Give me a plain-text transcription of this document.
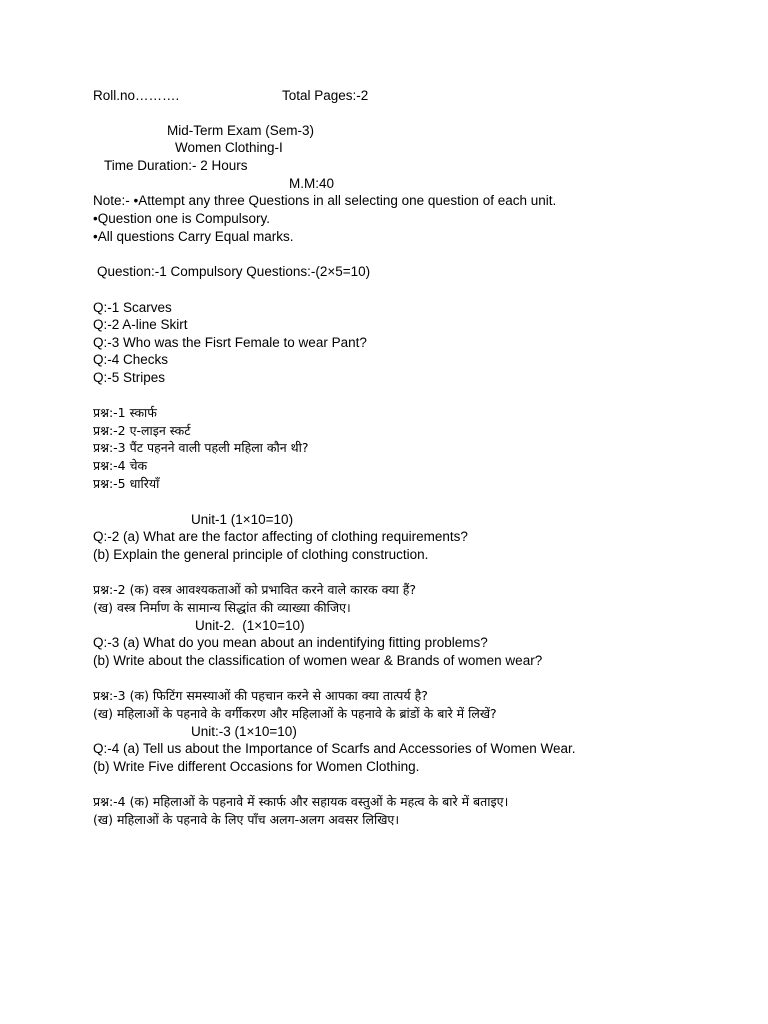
Roll.no……….	Total Pages:-2
Mid-Term Exam (Sem-3)
Women Clothing-I
Time Duration:- 2 Hours
M.M:40
Note:- •Attempt any three Questions in all selecting one question of each unit.
•Question one is Compulsory.
•All questions Carry Equal marks.
Question:-1 Compulsory Questions:-(2×5=10)
Q:-1 Scarves
Q:-2 A-line Skirt
Q:-3 Who was the Fisrt Female to wear Pant?
Q:-4 Checks
Q:-5 Stripes
प्रश्न:-1 स्कार्फ
प्रश्न:-2 ए-लाइन स्कर्ट
प्रश्न:-3 पैंट पहनने वाली पहली महिला कौन थी?
प्रश्न:-4 चेक
प्रश्न:-5 धारियाँ
Unit-1 (1×10=10)
Q:-2 (a) What are the factor affecting of clothing requirements?
(b) Explain the general principle of clothing construction.
प्रश्न:-2 (क) वस्त्र आवश्यकताओं को प्रभावित करने वाले कारक क्या हैं?
(ख) वस्त्र निर्माण के सामान्य सिद्धांत की व्याख्या कीजिए।
Unit-2.  (1×10=10)
Q:-3 (a) What do you mean about an indentifying fitting problems?
(b) Write about the classification of women wear & Brands of women wear?
प्रश्न:-3 (क) फिटिंग समस्याओं की पहचान करने से आपका क्या तात्पर्य है?
(ख) महिलाओं के पहनावे के वर्गीकरण और महिलाओं के पहनावे के ब्रांडों के बारे में लिखें?
Unit:-3 (1×10=10)
Q:-4 (a) Tell us about the Importance of Scarfs and Accessories of Women Wear.
(b) Write Five different Occasions for Women Clothing.
प्रश्न:-4 (क) महिलाओं के पहनावे में स्कार्फ और सहायक वस्तुओं के महत्व के बारे में बताइए।
(ख) महिलाओं के पहनावे के लिए पाँच अलग-अलग अवसर लिखिए।
